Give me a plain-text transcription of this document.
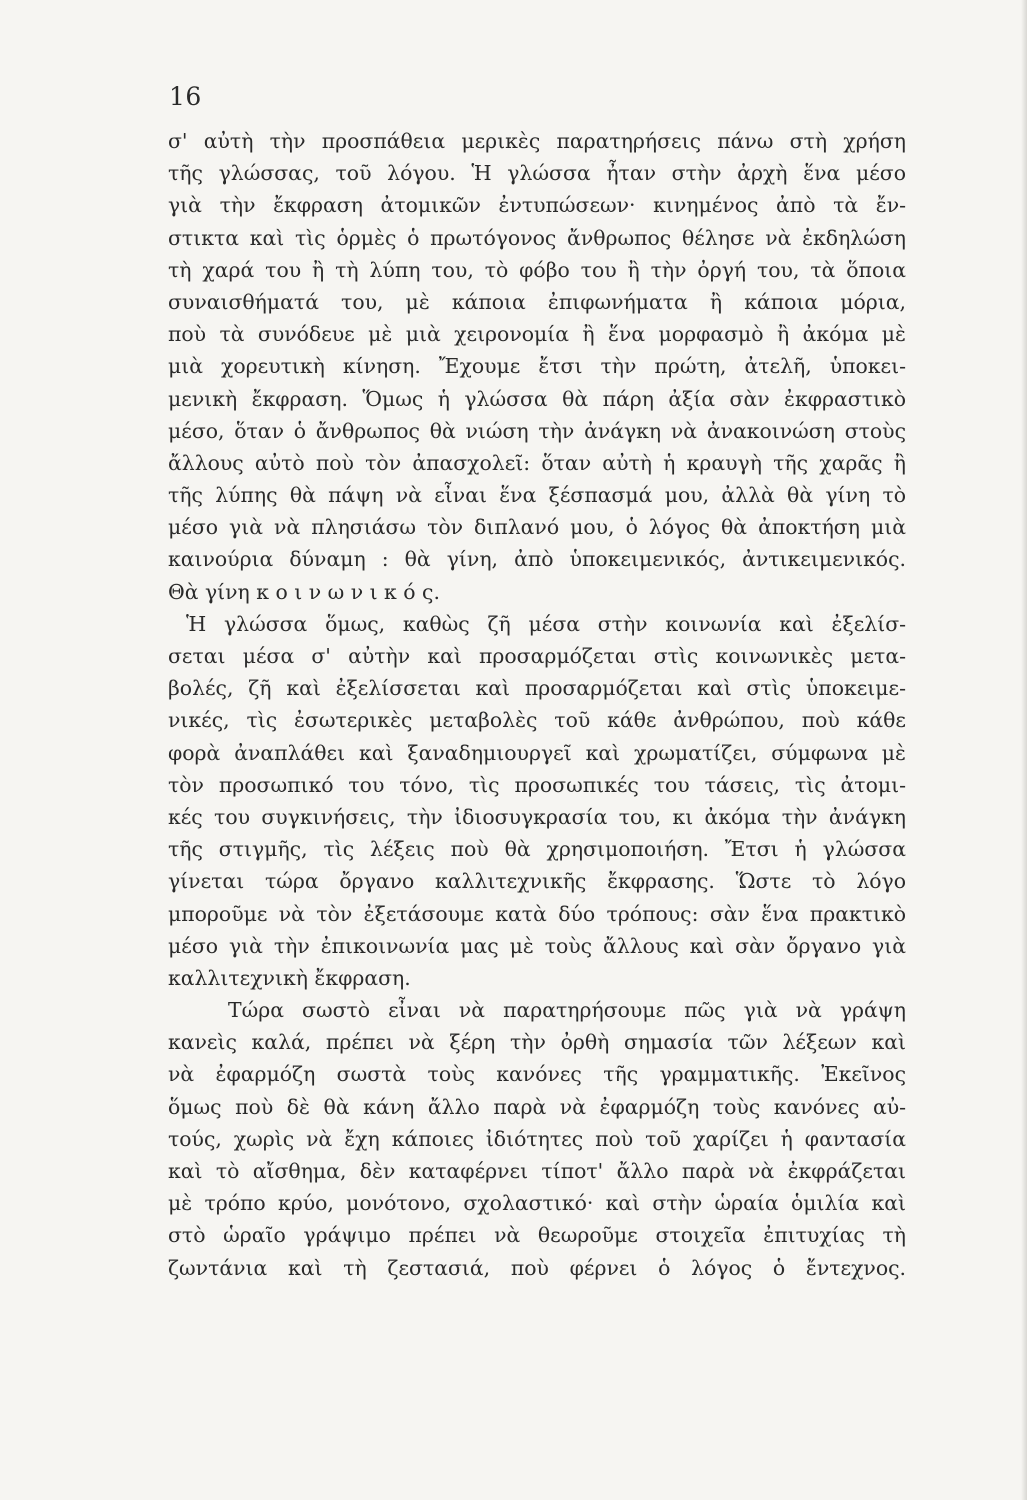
16
σ' αὐτὴ τὴν προσπάθεια μερικὲς παρατηρήσεις πάνω στὴ χρήση
τῆς γλώσσας, τοῦ λόγου. Ἡ γλώσσα ἦταν στὴν ἀρχὴ ἕνα μέσο
γιὰ τὴν ἔκφραση ἀτομικῶν ἐντυπώσεων· κινημένος ἀπὸ τὰ ἔν-
στικτα καὶ τὶς ὁρμὲς ὁ πρωτόγονος ἄνθρωπος θέλησε νὰ ἐκδηλώση
τὴ χαρά του ἢ τὴ λύπη του, τὸ φόβο του ἢ τὴν ὀργή του, τὰ ὅποια
συναισθήματά του, μὲ κάποια ἐπιφωνήματα ἢ κάποια μόρια,
ποὺ τὰ συνόδευε μὲ μιὰ χειρονομία ἢ ἕνα μορφασμὸ ἢ ἀκόμα μὲ
μιὰ χορευτικὴ κίνηση. Ἔχουμε ἔτσι τὴν πρώτη, ἀτελῆ, ὑποκει-
μενικὴ ἔκφραση. Ὅμως ἡ γλώσσα θὰ πάρη ἀξία σὰν ἐκφραστικὸ
μέσο, ὅταν ὁ ἄνθρωπος θὰ νιώση τὴν ἀνάγκη νὰ ἀνακοινώση στοὺς
ἄλλους αὐτὸ ποὺ τὸν ἀπασχολεῖ: ὅταν αὐτὴ ἡ κραυγὴ τῆς χαρᾶς ἢ
τῆς λύπης θὰ πάψη νὰ εἶναι ἕνα ξέσπασμά μου, ἀλλὰ θὰ γίνη τὸ
μέσο γιὰ νὰ πλησιάσω τὸν διπλανό μου, ὁ λόγος θὰ ἀποκτήση μιὰ
καινούρια δύναμη : θὰ γίνη, ἀπὸ ὑποκειμενικός, ἀντικειμενικός.
Θὰ γίνη κ ο ι ν ω ν ι κ ό ς.
Ἡ γλώσσα ὅμως, καθὼς ζῆ μέσα στὴν κοινωνία καὶ ἐξελίσ-
σεται μέσα σ' αὐτὴν καὶ προσαρμόζεται στὶς κοινωνικὲς μετα-
βολές, ζῆ καὶ ἐξελίσσεται καὶ προσαρμόζεται καὶ στὶς ὑποκειμε-
νικές, τὶς ἐσωτερικὲς μεταβολὲς τοῦ κάθε ἀνθρώπου, ποὺ κάθε
φορὰ ἀναπλάθει καὶ ξαναδημιουργεῖ καὶ χρωματίζει, σύμφωνα μὲ
τὸν προσωπικό του τόνο, τὶς προσωπικές του τάσεις, τὶς ἀτομι-
κές του συγκινήσεις, τὴν ἰδιοσυγκρασία του, κι ἀκόμα τὴν ἀνάγκη
τῆς στιγμῆς, τὶς λέξεις ποὺ θὰ χρησιμοποιήση. Ἔτσι ἡ γλώσσα
γίνεται τώρα ὄργανο καλλιτεχνικῆς ἔκφρασης. Ὥστε τὸ λόγο
μποροῦμε νὰ τὸν ἐξετάσουμε κατὰ δύο τρόπους: σὰν ἕνα πρακτικὸ
μέσο γιὰ τὴν ἐπικοινωνία μας μὲ τοὺς ἄλλους καὶ σὰν ὄργανο γιὰ
καλλιτεχνικὴ ἔκφραση.
Τώρα σωστὸ εἶναι νὰ παρατηρήσουμε πῶς γιὰ νὰ γράψη
κανεὶς καλά, πρέπει νὰ ξέρη τὴν ὀρθὴ σημασία τῶν λέξεων καὶ
νὰ ἐφαρμόζη σωστὰ τοὺς κανόνες τῆς γραμματικῆς. Ἐκεῖνος
ὅμως ποὺ δὲ θὰ κάνη ἄλλο παρὰ νὰ ἐφαρμόζη τοὺς κανόνες αὐ-
τούς, χωρὶς νὰ ἔχη κάποιες ἰδιότητες ποὺ τοῦ χαρίζει ἡ φαντασία
καὶ τὸ αἴσθημα, δὲν καταφέρνει τίποτ' ἄλλο παρὰ νὰ ἐκφράζεται
μὲ τρόπο κρύο, μονότονο, σχολαστικό· καὶ στὴν ὡραία ὁμιλία καὶ
στὸ ὡραῖο γράψιμο πρέπει νὰ θεωροῦμε στοιχεῖα ἐπιτυχίας τὴ
ζωντάνια καὶ τὴ ζεστασιά, ποὺ φέρνει ὁ λόγος ὁ ἔντεχνος.
